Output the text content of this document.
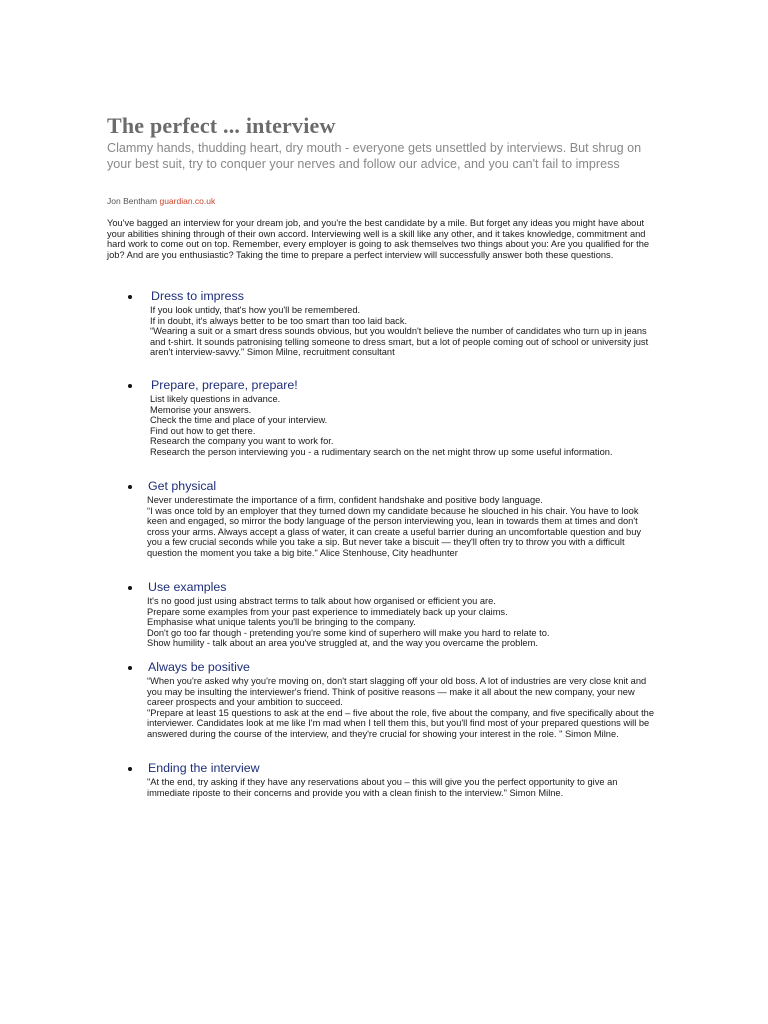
The perfect ... interview
Clammy hands, thudding heart, dry mouth - everyone gets unsettled by interviews. But shrug on your best suit, try to conquer your nerves and follow our advice, and you can't fail to impress
Jon Bentham guardian.co.uk

You've bagged an interview for your dream job, and you're the best candidate by a mile. But forget any ideas you might have about your abilities shining through of their own accord. Interviewing well is a skill like any other, and it takes knowledge, commitment and hard work to come out on top. Remember, every employer is going to ask themselves two things about you: Are you qualified for the job? And are you enthusiastic? Taking the time to prepare a perfect interview will successfully answer both these questions.

Dress to impress
If you look untidy, that's how you'll be remembered.
If in doubt, it's always better to be too smart than too laid back.
“Wearing a suit or a smart dress sounds obvious, but you wouldn't believe the number of candidates who turn up in jeans and t-shirt. It sounds patronising telling someone to dress smart, but a lot of people coming out of school or university just aren't interview-savvy." Simon Milne, recruitment consultant
Prepare, prepare, prepare!
List likely questions in advance.
Memorise your answers.
Check the time and place of your interview.
Find out how to get there.
Research the company you want to work for.
Research the person interviewing you - a rudimentary search on the net might throw up some useful information.
Get physical
Never underestimate the importance of a firm, confident handshake and positive body language.
“I was once told by an employer that they turned down my candidate because he slouched in his chair. You have to look keen and engaged, so mirror the body language of the person interviewing you, lean in towards them at times and don't cross your arms. Always accept a glass of water, it can create a useful barrier during an uncomfortable question and buy you a few crucial seconds while you take a sip. But never take a biscuit — they'll often try to throw you with a difficult question the moment you take a big bite." Alice Stenhouse, City headhunter
Use examples
It's no good just using abstract terms to talk about how organised or efficient you are.
Prepare some examples from your past experience to immediately back up your claims.
Emphasise what unique talents you'll be bringing to the company.
Don't go too far though - pretending you're some kind of superhero will make you hard to relate to.
Show humility - talk about an area you've struggled at, and the way you overcame the problem.
Always be positive
“When you're asked why you're moving on, don't start slagging off your old boss. A lot of industries are very close knit and you may be insulting the interviewer's friend. Think of positive reasons — make it all about the new company, your new career prospects and your ambition to succeed.
"Prepare at least 15 questions to ask at the end – five about the role, five about the company, and five specifically about the interviewer. Candidates look at me like I'm mad when I tell them this, but you'll find most of your prepared questions will be answered during the course of the interview, and they're crucial for showing your interest in the role. " Simon Milne.
Ending the interview
"At the end, try asking if they have any reservations about you – this will give you the perfect opportunity to give an immediate riposte to their concerns and provide you with a clean finish to the interview." Simon Milne.
